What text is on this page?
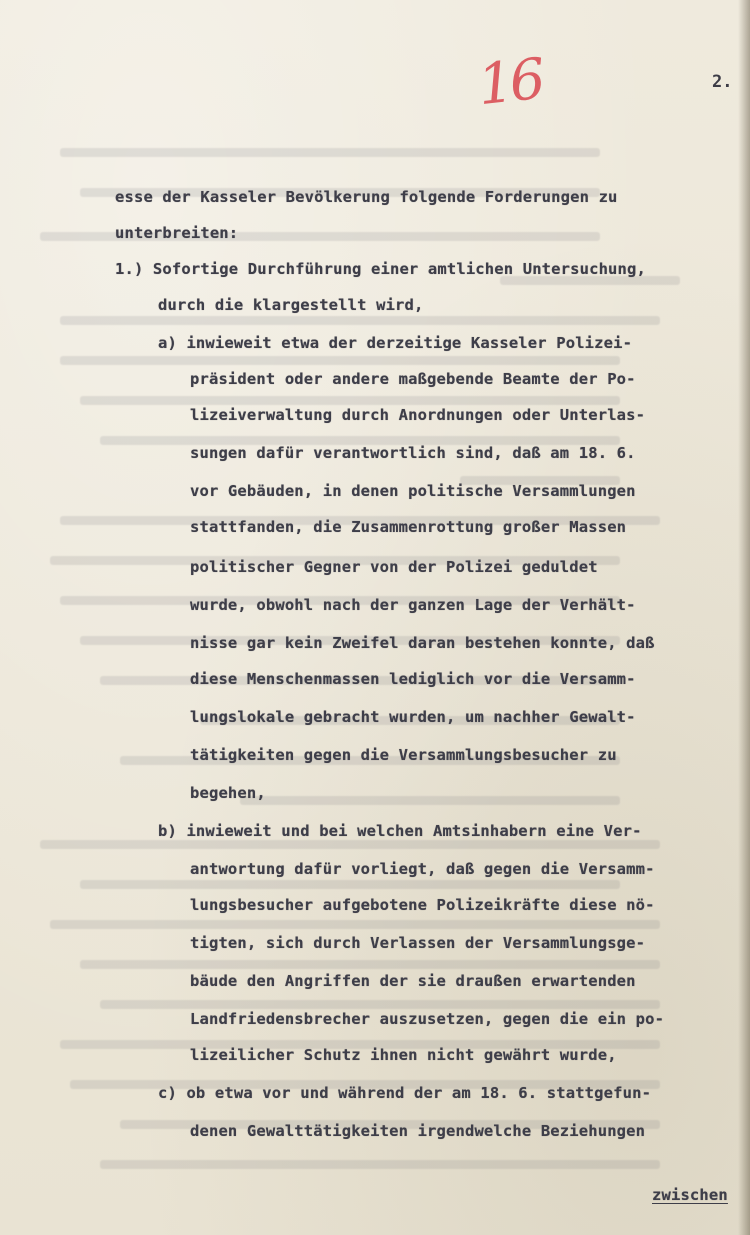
16	2.
esse der Kasseler Bevölkerung folgende Forderungen zu
unterbreiten:
1.) Sofortige Durchführung einer amtlichen Untersuchung,
durch die klargestellt wird,
a) inwieweit etwa der derzeitige Kasseler Polizei-
präsident oder andere maßgebende Beamte der Po-
lizeiverwaltung durch Anordnungen oder Unterlas-
sungen dafür verantwortlich sind, daß am 18. 6.
vor Gebäuden, in denen politische Versammlungen
stattfanden, die Zusammenrottung großer Massen
politischer Gegner von der Polizei geduldet
wurde, obwohl nach der ganzen Lage der Verhält-
nisse gar kein Zweifel daran bestehen konnte, daß
diese Menschenmassen lediglich vor die Versamm-
lungslokale gebracht wurden, um nachher Gewalt-
tätigkeiten gegen die Versammlungsbesucher zu
begehen,
b) inwieweit und bei welchen Amtsinhabern eine Ver-
antwortung dafür vorliegt, daß gegen die Versamm-
lungsbesucher aufgebotene Polizeikräfte diese nö-
tigten, sich durch Verlassen der Versammlungsge-
bäude den Angriffen der sie draußen erwartenden
Landfriedensbrecher auszusetzen, gegen die ein po-
lizeilicher Schutz ihnen nicht gewährt wurde,
c) ob etwa vor und während der am 18. 6. stattgefun-
denen Gewalttätigkeiten irgendwelche Beziehungen
zwischen
